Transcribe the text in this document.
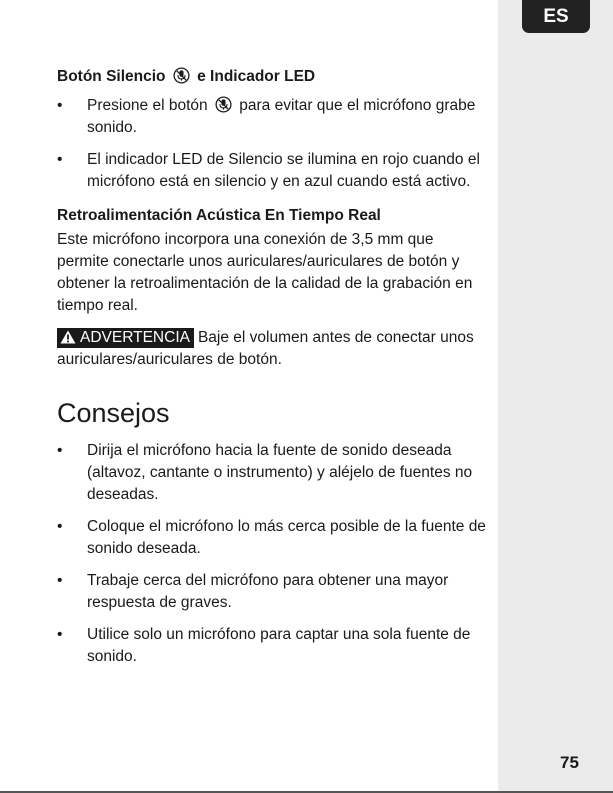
ES
Botón Silencio e Indicador LED
• Presione el botón para evitar que el micrófono grabe sonido.
• El indicador LED de Silencio se ilumina en rojo cuando el micrófono está en silencio y en azul cuando está activo.
Retroalimentación Acústica En Tiempo Real

Este micrófono incorpora una conexión de 3,5 mm que permite conectarle unos auriculares/auriculares de botón y obtener la retroalimentación de la calidad de la grabación en tiempo real.

ADVERTENCIA Baje el volumen antes de conectar unos auriculares/auriculares de botón.
Consejos
• Dirija el micrófono hacia la fuente de sonido deseada (altavoz, cantante o instrumento) y aléjelo de fuentes no deseadas.
• Coloque el micrófono lo más cerca posible de la fuente de sonido deseada.
• Trabaje cerca del micrófono para obtener una mayor respuesta de graves.
• Utilice solo un micrófono para captar una sola fuente de sonido.
75
